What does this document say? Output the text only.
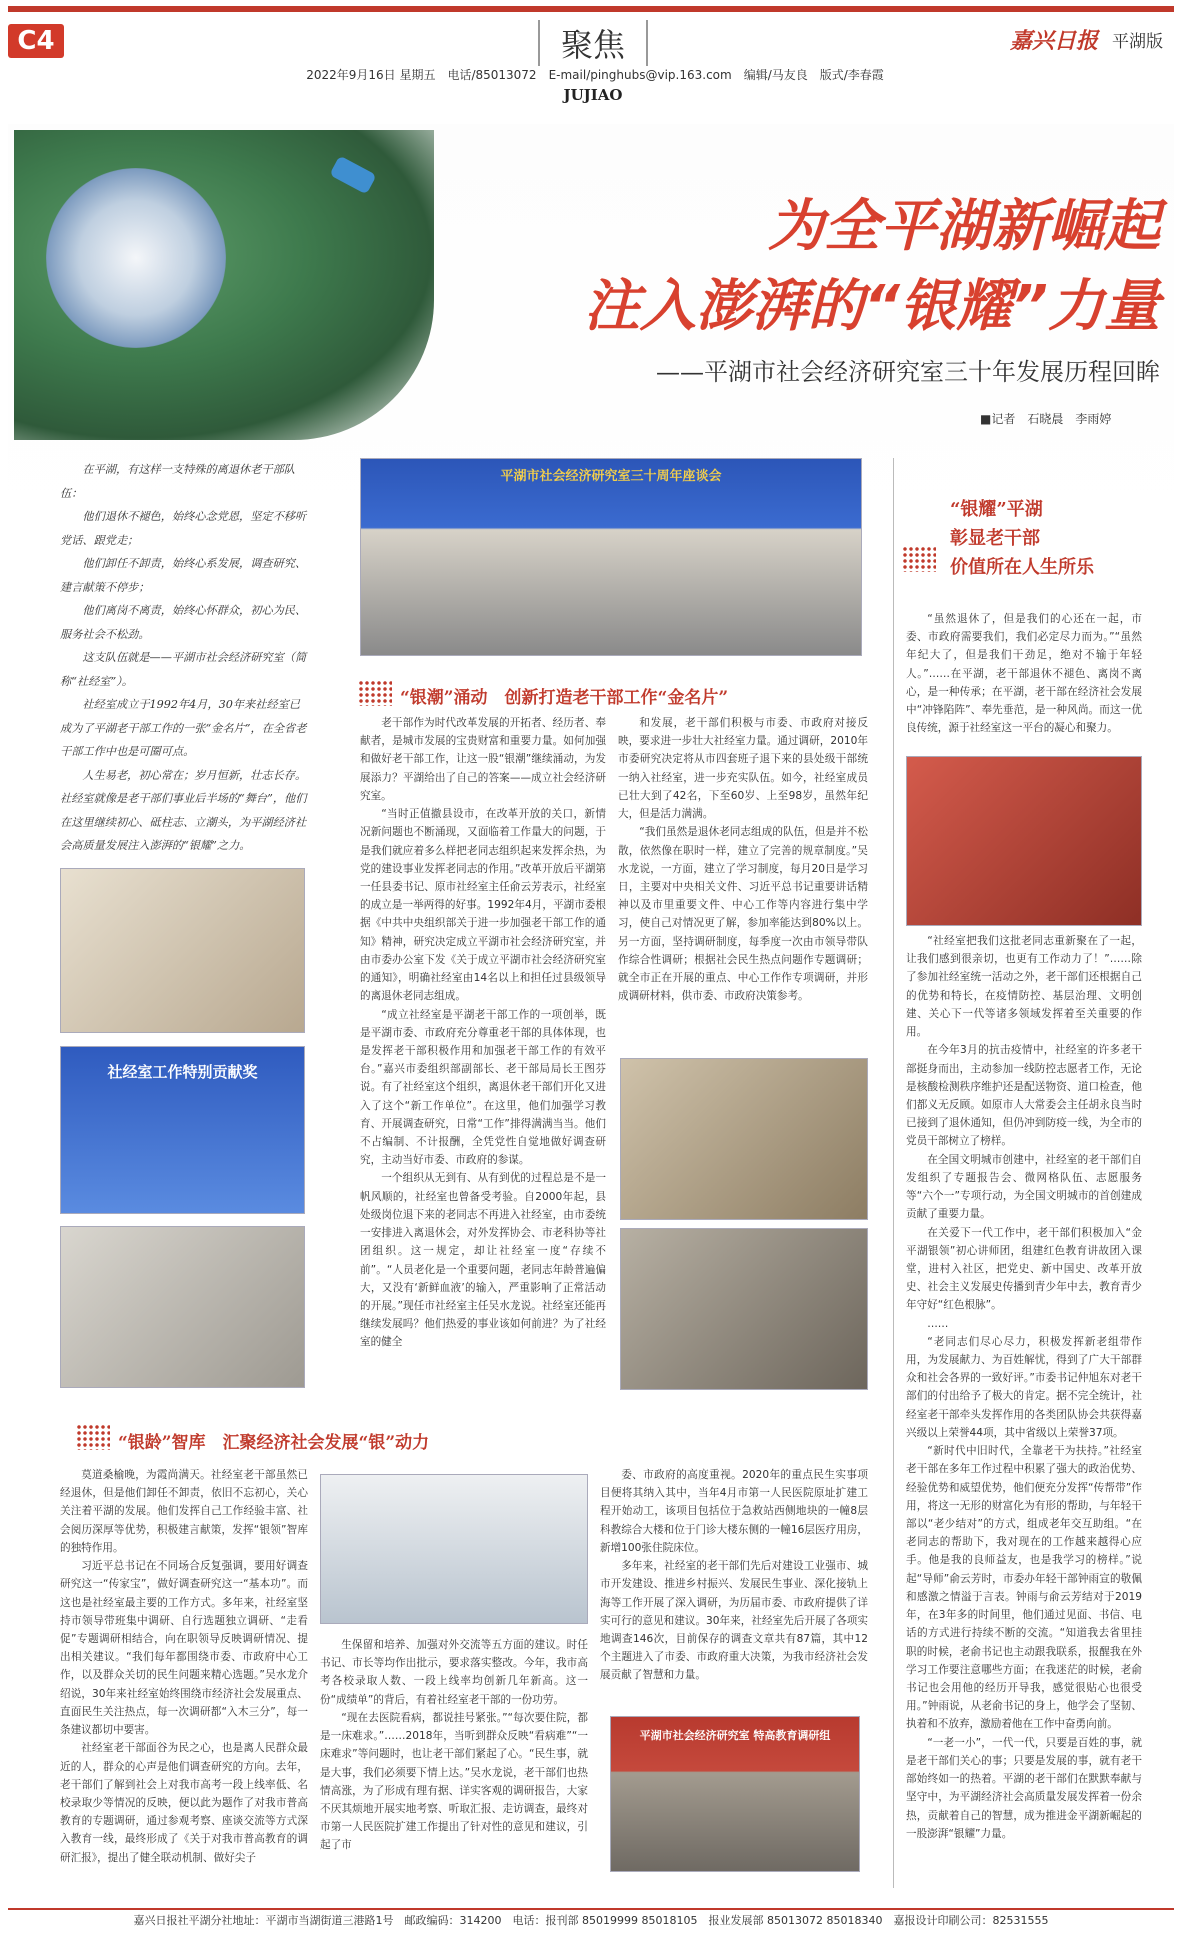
C4	聚焦
2022年9月16日 星期五　电话/85013072　E-mail/pinghubs@vip.163.com　编辑/马友良　版式/李春霞
JUJIAO
嘉兴日报 平湖版
为全平湖新崛起
注入澎湃的“银耀”力量
——平湖市社会经济研究室三十年发展历程回眸
■记者　石晓晨　李雨婷

在平湖，有这样一支特殊的离退休老干部队伍：

他们退休不褪色，始终心念党恩，坚定不移听党话、跟党走；

他们卸任不卸责，始终心系发展，调查研究、建言献策不停步；

他们离岗不离责，始终心怀群众，初心为民、服务社会不松劲。

这支队伍就是——平湖市社会经济研究室（简称“社经室”）。

社经室成立于1992年4月，30年来社经室已成为了平湖老干部工作的一张“金名片”，在全省老干部工作中也是可圈可点。

人生易老，初心常在；岁月恒新，壮志长存。社经室就像是老干部们事业后半场的“舞台”，他们在这里继续初心、砥柱志、立潮头，为平湖经济社会高质量发展注入澎湃的“银耀”之力。

社经室工作特别贡献奖
平湖市社会经济研究室三十周年座谈会
“银潮”涌动　创新打造老干部工作“金名片”

老干部作为时代改革发展的开拓者、经历者、奉献者，是城市发展的宝贵财富和重要力量。如何加强和做好老干部工作，让这一股“银潮”继续涌动，为发展添力？平湖给出了自己的答案——成立社会经济研究室。

“当时正值撤县设市，在改革开放的关口，新情况新问题也不断涌现，又面临着工作量大的问题，于是我们就应着多么样把老同志组织起来发挥余热，为党的建设事业发挥老同志的作用。”改革开放后平湖第一任县委书记、原市社经室主任俞云芳表示，社经室的成立是一举两得的好事。1992年4月，平湖市委根据《中共中央组织部关于进一步加强老干部工作的通知》精神，研究决定成立平湖市社会经济研究室，并由市委办公室下发《关于成立平湖市社会经济研究室的通知》，明确社经室由14名以上和担任过县级领导的离退休老同志组成。

“成立社经室是平湖老干部工作的一项创举，既是平湖市委、市政府充分尊重老干部的具体体现，也是发挥老干部积极作用和加强老干部工作的有效平台。”嘉兴市委组织部副部长、老干部局局长王图芬说。有了社经室这个组织，离退休老干部们开化又进入了这个“新工作单位”。在这里，他们加强学习教育、开展调查研究，日常“工作”排得满满当当。他们不占编制、不计报酬，全凭党性自觉地做好调查研究，主动当好市委、市政府的参谋。

一个组织从无到有、从有到优的过程总是不是一帆风顺的，社经室也曾备受考验。自2000年起，县处级岗位退下来的老同志不再进入社经室，由市委统一安排进入离退休会，对外发挥协会、市老科协等社团组织。这一规定，却让社经室一度“存续不前”。“人员老化是一个重要问题，老同志年龄普遍偏大，又没有‘新鲜血液’的输入，严重影响了正常活动的开展。”现任市社经室主任吴水龙说。社经室还能再继续发展吗？他们热爱的事业该如何前进？为了社经室的健全

和发展，老干部们积极与市委、市政府对接反映，要求进一步壮大社经室力量。通过调研，2010年市委研究决定将从市四套班子退下来的县处级干部统一纳入社经室，进一步充实队伍。如今，社经室成员已壮大到了42名，下至60岁、上至98岁，虽然年纪大，但是活力满满。

“我们虽然是退休老同志组成的队伍，但是并不松散，依然像在职时一样，建立了完善的规章制度。”吴水龙说，一方面，建立了学习制度，每月20日是学习日，主要对中央相关文件、习近平总书记重要讲话精神以及市里重要文件、中心工作等内容进行集中学习，使自己对情况更了解，参加率能达到80%以上。另一方面，坚持调研制度，每季度一次由市领导带队作综合性调研；根据社会民生热点问题作专题调研；就全市正在开展的重点、中心工作作专项调研，并形成调研材料，供市委、市政府决策参考。

“银龄”智库　汇聚经济社会发展“银”动力

莫道桑榆晚，为霞尚满天。社经室老干部虽然已经退休，但是他们卸任不卸责，依旧不忘初心，关心关注着平湖的发展。他们发挥自己工作经验丰富、社会阅历深厚等优势，积极建言献策，发挥“银领”智库的独特作用。

习近平总书记在不同场合反复强调，要用好调查研究这一“传家宝”，做好调查研究这一“基本功”。而这也是社经室最主要的工作方式。多年来，社经室坚持市领导带班集中调研、自行选题独立调研、“走看促”专题调研相结合，向在职领导反映调研情况、提出相关建议。“我们每年都围绕市委、市政府中心工作，以及群众关切的民生问题来精心选题。”吴水龙介绍说，30年来社经室始终围绕市经济社会发展重点、直面民生关注热点，每一次调研都“入木三分”，每一条建议都切中要害。

社经室老干部面谷为民之心，也是离人民群众最近的人，群众的心声是他们调查研究的方向。去年，老干部们了解到社会上对我市高考一段上线率低、名校录取少等情况的反映，便以此为题作了对我市普高教育的专题调研，通过参观考察、座谈交流等方式深入教育一线，最终形成了《关于对我市普高教育的调研汇报》，提出了健全联动机制、做好尖子

生保留和培养、加强对外交流等五方面的建议。时任书记、市长等均作出批示，要求落实整改。今年，我市高考各校录取人数、一段上线率均创新几年新高。这一份“成绩单”的背后，有着社经室老干部的一份功劳。

“现在去医院看病，都说挂号紧张。”“每次要住院，都是一床难求。”……2018年，当听到群众反映“看病难”“一床难求”等问题时，也让老干部们紧起了心。“民生事，就是大事，我们必须要下情上达。”吴水龙说，老干部们也热情高涨，为了形成有理有据、详实客观的调研报告，大家不厌其烦地开展实地考察、听取汇报、走访调查，最终对市第一人民医院扩建工作提出了针对性的意见和建议，引起了市

委、市政府的高度重视。2020年的重点民生实事项目便将其纳入其中，当年4月市第一人民医院原址扩建工程开始动工，该项目包括位于急救站西侧地块的一幢8层科教综合大楼和位于门诊大楼东侧的一幢16层医疗用房，新增100张住院床位。

多年来，社经室的老干部们先后对建设工业强市、城市开发建设、推进乡村振兴、发展民生事业、深化接轨上海等工作开展了深入调研，为历届市委、市政府提供了详实可行的意见和建议。30年来，社经室先后开展了各项实地调查146次，目前保存的调查文章共有87篇，其中12个主题进入了市委、市政府重大决策，为我市经济社会发展贡献了智慧和力量。

平湖市社会经济研究室 特高教育调研组
“银耀”平湖
彰显老干部
价值所在人生所乐

“虽然退休了，但是我们的心还在一起，市委、市政府需要我们，我们必定尽力而为。”“虽然年纪大了，但是我们干劲足，绝对不输于年轻人。”……在平湖，老干部退休不褪色、离岗不离心，是一种传承；在平湖，老干部在经济社会发展中“冲锋陷阵”、奉先垂范，是一种风尚。而这一优良传统，源于社经室这一平台的凝心和聚力。

“社经室把我们这批老同志重新聚在了一起，让我们感到很亲切，也更有工作动力了！”……除了参加社经室统一活动之外，老干部们还根据自己的优势和特长，在疫情防控、基层治理、文明创建、关心下一代等诸多领域发挥着至关重要的作用。

在今年3月的抗击疫情中，社经室的许多老干部挺身而出，主动参加一线防控志愿者工作，无论是核酸检测秩序维护还是配送物资、道口检查，他们都义无反顾。如原市人大常委会主任胡永良当时已接到了退休通知，但仍冲到防疫一线，为全市的党员干部树立了榜样。

在全国文明城市创建中，社经室的老干部们自发组织了专题报告会、微网格队伍、志愿服务等“六个一”专项行动，为全国文明城市的首创建成贡献了重要力量。

在关爱下一代工作中，老干部们积极加入“金平湖银领”初心讲师团，组建红色教育讲故团入课堂，进村入社区，把党史、新中国史、改革开放史、社会主义发展史传播到青少年中去，教育青少年守好“红色根脉”。

……

“老同志们尽心尽力，积极发挥新老组带作用，为发展献力、为百姓解忧，得到了广大干部群众和社会各界的一致好评。”市委书记仲旭东对老干部们的付出给予了极大的肯定。据不完全统计，社经室老干部牵头发挥作用的各类团队协会共获得嘉兴级以上荣誉44项，其中省级以上荣誉37项。

“新时代中旧时代，全靠老干为扶持。”社经室老干部在多年工作过程中积累了强大的政治优势、经验优势和威望优势，他们便充分发挥“传帮带”作用，将这一无形的财富化为有形的帮助，与年轻干部以“老少结对”的方式，组成老年交互助组。“在老同志的帮助下，我对现在的工作越来越得心应手。他是我的良师益友，也是我学习的榜样。”说起“导师”俞云芳时，市委办年轻干部钟雨宣的敬佩和感激之情溢于言表。钟雨与俞云芳结对于2019年，在3年多的时间里，他们通过见面、书信、电话的方式进行持续不断的交流。“知道我去省里挂职的时候，老俞书记也主动跟我联系，报醒我在外学习工作要注意哪些方面；在我迷茫的时候，老俞书记也会用他的经历开导我，感觉很贴心也很受用。”钟雨说，从老俞书记的身上，他学会了坚韧、执着和不放弃，激励着他在工作中奋勇向前。

“一老一小”，一代一代，只要是百姓的事，就是老干部们关心的事；只要是发展的事，就有老干部始终如一的热着。平湖的老干部们在默默奉献与坚守中，为平湖经济社会高质量发展发挥着一份余热，贡献着自己的智慧，成为推进金平湖新崛起的一股澎湃“银耀”力量。

嘉兴日报社平湖分社地址：平湖市当湖街道三港路1号　邮政编码：314200　电话：报刊部 85019999 85018105　报业发展部 85013072 85018340　嘉报设计印刷公司：82531555
